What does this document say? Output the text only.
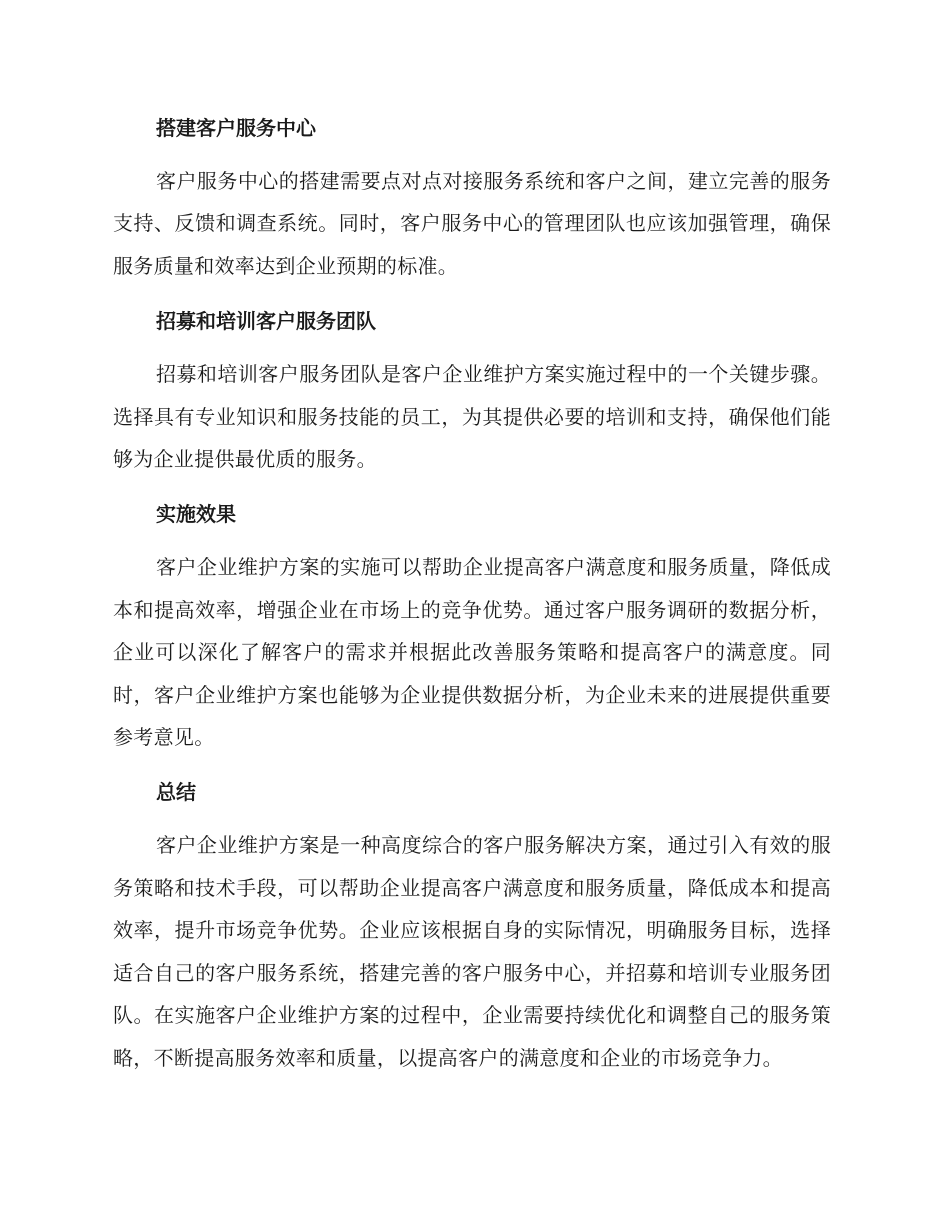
搭建客户服务中心

客户服务中心的搭建需要点对点对接服务系统和客户之间，建立完善的服务支持、反馈和调查系统。同时，客户服务中心的管理团队也应该加强管理，确保服务质量和效率达到企业预期的标准。

招募和培训客户服务团队

招募和培训客户服务团队是客户企业维护方案实施过程中的一个关键步骤。选择具有专业知识和服务技能的员工，为其提供必要的培训和支持，确保他们能够为企业提供最优质的服务。

实施效果

客户企业维护方案的实施可以帮助企业提高客户满意度和服务质量，降低成本和提高效率，增强企业在市场上的竞争优势。通过客户服务调研的数据分析，企业可以深化了解客户的需求并根据此改善服务策略和提高客户的满意度。同时，客户企业维护方案也能够为企业提供数据分析，为企业未来的进展提供重要参考意见。

总结

客户企业维护方案是一种高度综合的客户服务解决方案，通过引入有效的服务策略和技术手段，可以帮助企业提高客户满意度和服务质量，降低成本和提高效率，提升市场竞争优势。企业应该根据自身的实际情况，明确服务目标，选择适合自己的客户服务系统，搭建完善的客户服务中心，并招募和培训专业服务团队。在实施客户企业维护方案的过程中，企业需要持续优化和调整自己的服务策略，不断提高服务效率和质量，以提高客户的满意度和企业的市场竞争力。
